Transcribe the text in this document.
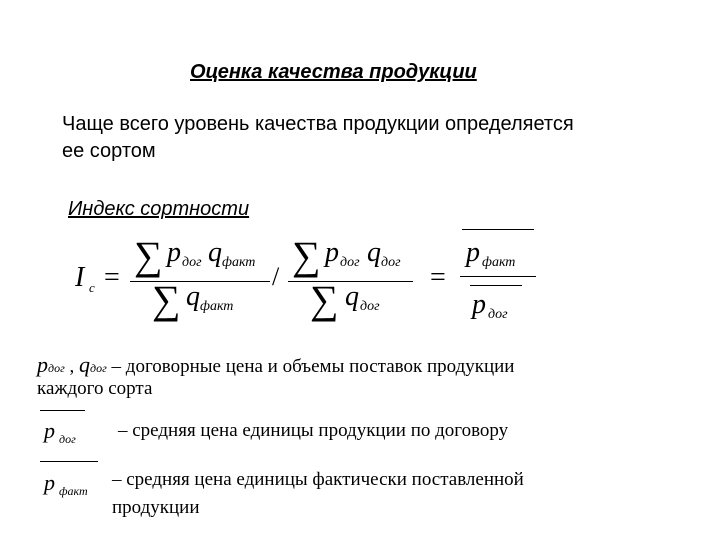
Оценка качества продукции
Чаще всего уровень качества продукции определяется ее сортом
Индекс сортности
I c = ∑ p дог q факт
∑ q факт
/ ∑ p дог q дог
∑ q дог
=
p факт
p дог
pдог , qдог – договорные цена и объемы поставок продукции
каждого сорта
p дог – средняя цена единицы продукции по договору
p факт
– средняя цена единицы фактически поставленной
продукции
